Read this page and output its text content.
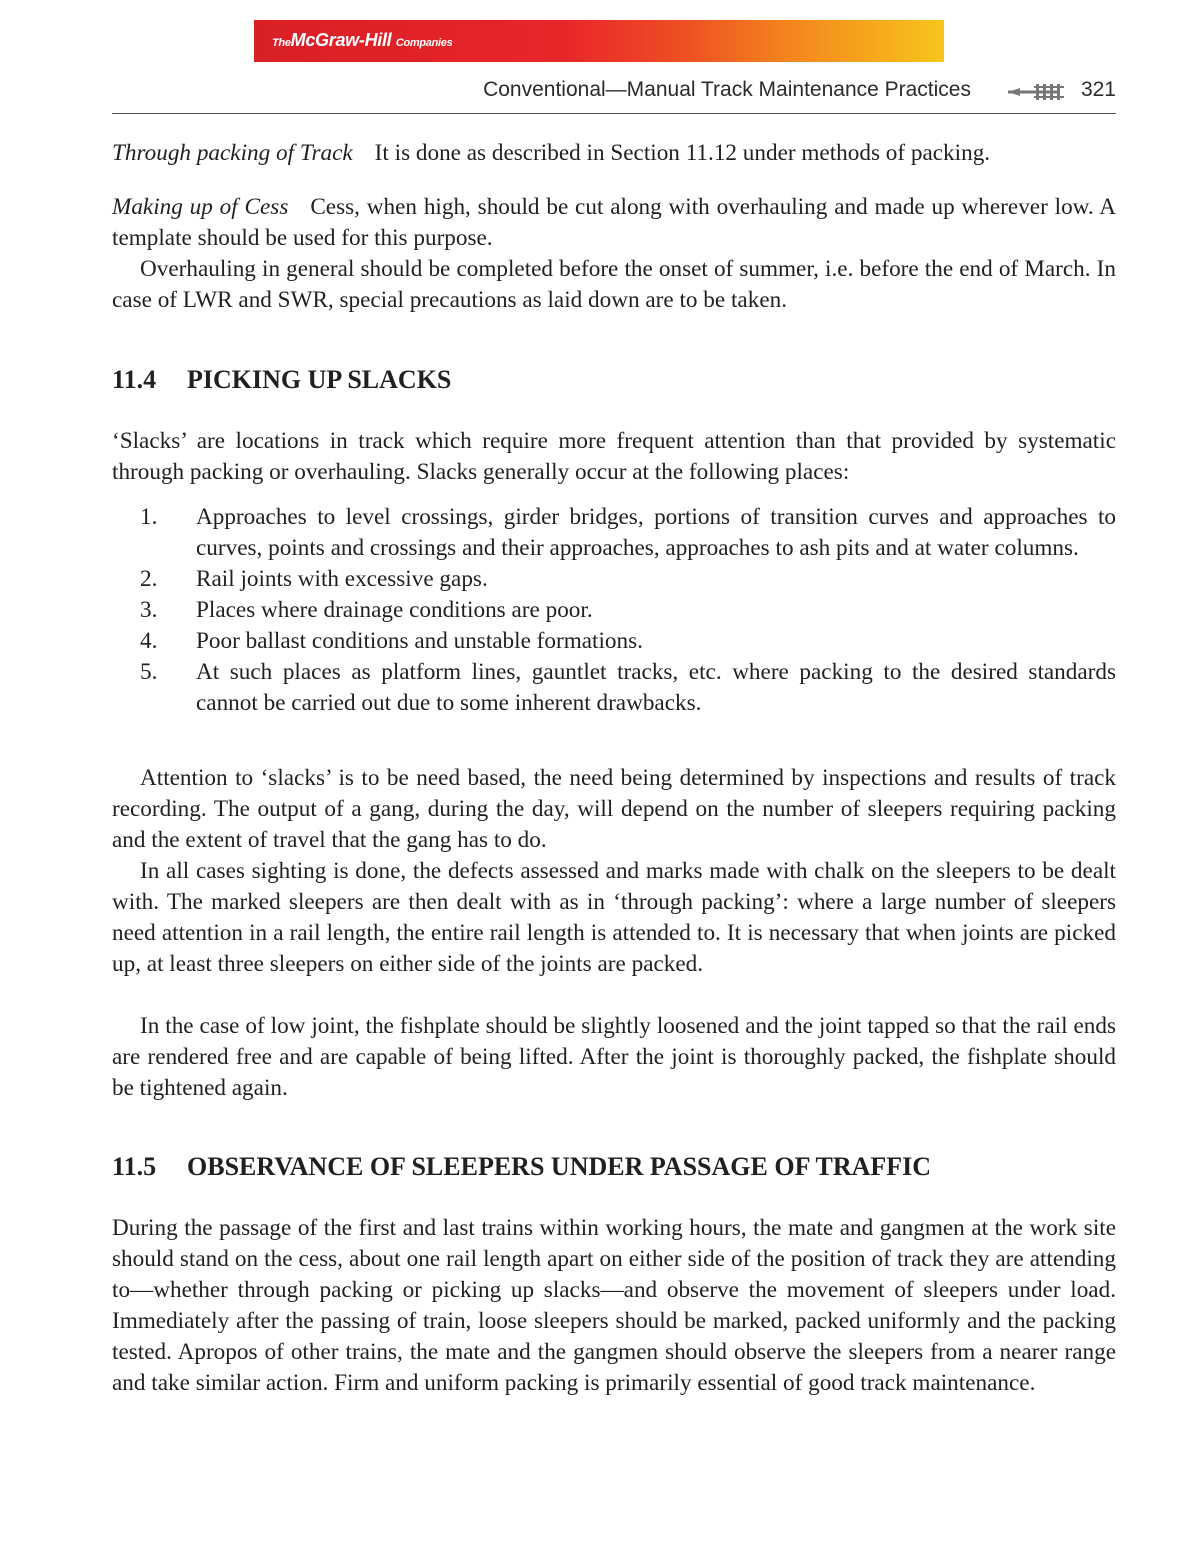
TheMcGraw-Hill Companies
Conventional—Manual Track Maintenance Practices	321

Through packing of Track It is done as described in Section 11.12 under methods of packing.

Making up of Cess Cess, when high, should be cut along with overhauling and made up wherever low. A template should be used for this purpose.

Overhauling in general should be completed before the onset of summer, i.e. before the end of March. In case of LWR and SWR, special precautions as laid down are to be taken.

11.4 PICKING UP SLACKS

‘Slacks’ are locations in track which require more frequent attention than that provided by systematic through packing or overhauling. Slacks generally occur at the following places:

1. Approaches to level crossings, girder bridges, portions of transition curves and approaches to curves, points and crossings and their approaches, approaches to ash pits and at water columns.
2. Rail joints with excessive gaps.
3. Places where drainage conditions are poor.
4. Poor ballast conditions and unstable formations.
5. At such places as platform lines, gauntlet tracks, etc. where packing to the desired standards cannot be carried out due to some inherent drawbacks.

Attention to ‘slacks’ is to be need based, the need being determined by inspections and results of track recording. The output of a gang, during the day, will depend on the number of sleepers requiring packing and the extent of travel that the gang has to do.

In all cases sighting is done, the defects assessed and marks made with chalk on the sleepers to be dealt with. The marked sleepers are then dealt with as in ‘through packing’: where a large number of sleepers need attention in a rail length, the entire rail length is attended to. It is necessary that when joints are picked up, at least three sleepers on either side of the joints are packed.

In the case of low joint, the fishplate should be slightly loosened and the joint tapped so that the rail ends are rendered free and are capable of being lifted. After the joint is thoroughly packed, the fishplate should be tightened again.

11.5 OBSERVANCE OF SLEEPERS UNDER PASSAGE OF TRAFFIC

During the passage of the first and last trains within working hours, the mate and gangmen at the work site should stand on the cess, about one rail length apart on either side of the position of track they are attending to—whether through packing or picking up slacks—and observe the movement of sleepers under load. Immediately after the passing of train, loose sleepers should be marked, packed uniformly and the packing tested. Apropos of other trains, the mate and the gangmen should observe the sleepers from a nearer range and take similar action. Firm and uniform packing is primarily essential of good track maintenance.
